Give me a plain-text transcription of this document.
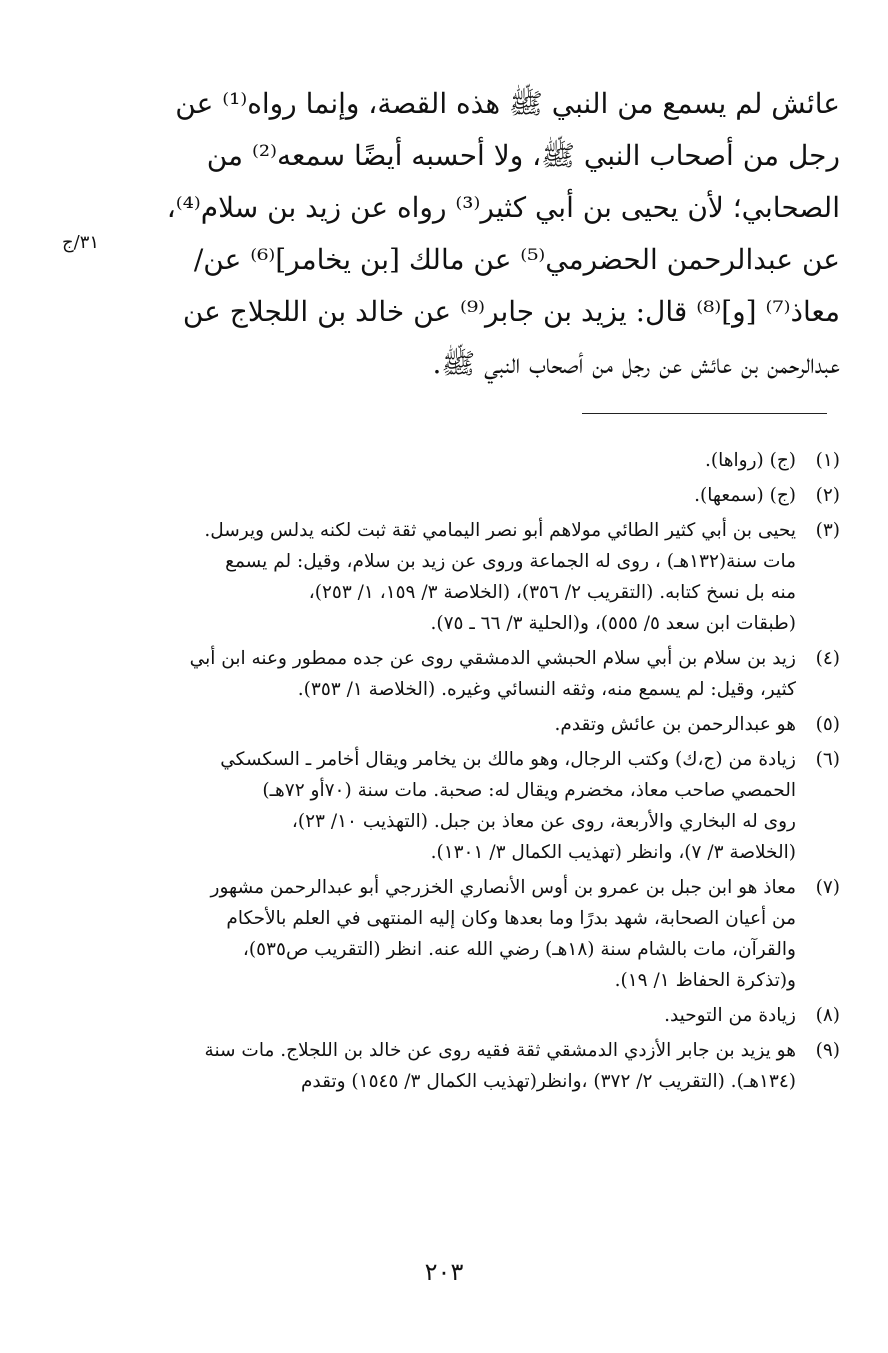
٣١/ج
عائش لم يسمع من النبي ﷺ هذه القصة، وإنما رواه⁽¹⁾ عن
رجل من أصحاب النبي ﷺ، ولا أحسبه أيضًا سمعه⁽²⁾ من
الصحابي؛ لأن يحيى بن أبي كثير⁽³⁾ رواه عن زيد بن سلام⁽⁴⁾،
عن عبدالرحمن الحضرمي⁽⁵⁾ عن مالك [بن يخامر]⁽⁶⁾ عن/
معاذ⁽⁷⁾ [و]⁽⁸⁾ قال: يزيد بن جابر⁽⁹⁾ عن خالد بن اللجلاج عن
عبدالرحمن بن عائش عن رجل من أصحاب النبي ﷺ.
(١)
(ج) (رواها).
(٢)
(ج) (سمعها).
(٣)
يحيى بن أبي كثير الطائي مولاهم أبو نصر اليمامي ثقة ثبت لكنه يدلس ويرسل.
مات سنة(١٣٢هـ) ، روى له الجماعة وروى عن زيد بن سلام، وقيل: لم يسمع
منه بل نسخ كتابه. (التقريب ٢/ ٣٥٦)، (الخلاصة ٣/ ١٥٩، ١/ ٢٥٣)،
(طبقات ابن سعد ٥/ ٥٥٥)، و(الحلية ٣/ ٦٦ ـ ٧٥).
(٤)
زيد بن سلام بن أبي سلام الحبشي الدمشقي روى عن جده ممطور وعنه ابن أبي
كثير، وقيل: لم يسمع منه، وثقه النسائي وغيره. (الخلاصة ١/ ٣٥٣).
(٥)
هو عبدالرحمن بن عائش وتقدم.
(٦)
زيادة من (ج،ك) وكتب الرجال، وهو مالك بن يخامر ويقال أخامر ـ السكسكي
الحمصي صاحب معاذ، مخضرم ويقال له: صحبة. مات سنة (٧٠أو ٧٢هـ)
روى له البخاري والأربعة، روى عن معاذ بن جبل. (التهذيب ١٠/ ٢٣)،
(الخلاصة ٣/ ٧)، وانظر (تهذيب الكمال ٣/ ١٣٠١).
(٧)
معاذ هو ابن جبل بن عمرو بن أوس الأنصاري الخزرجي أبو عبدالرحمن مشهور
من أعيان الصحابة، شهد بدرًا وما بعدها وكان إليه المنتهى في العلم بالأحكام
والقرآن، مات بالشام سنة (١٨هـ) رضي الله عنه. انظر (التقريب ص٥٣٥)،
و(تذكرة الحفاظ ١/ ١٩).
(٨)
زيادة من التوحيد.
(٩)
هو يزيد بن جابر الأزدي الدمشقي ثقة فقيه روى عن خالد بن اللجلاج. مات سنة
(١٣٤هـ). (التقريب ٢/ ٣٧٢) ،وانظر(تهذيب الكمال ٣/ ١٥٤٥) وتقدم
٢٠٣
